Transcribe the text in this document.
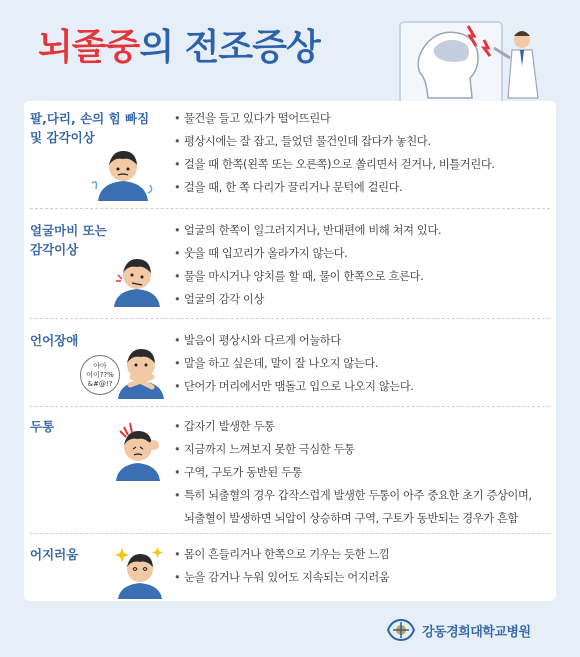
뇌졸중의 전조증상
팔,다리, 손의 힘 빠짐
및 감각이상
• 물건을 들고 있다가 떨어뜨린다
• 평상시에는 잘 잡고, 들었던 물건인데 잡다가 놓친다.
• 걸을 때 한쪽(왼쪽 또는 오른쪽)으로 쏠리면서 걷거나, 비틀거린다.
• 걸을 때, 한 쪽 다리가 끌리거나 문턱에 걸린다.
얼굴마비 또는
감각이상
• 얼굴의 한쪽이 일그러지거나, 반대편에 비해 쳐져 있다.
• 웃을 때 입꼬리가 올라가지 않는다.
• 물을 마시거나 양치를 할 때, 물이 한쪽으로 흐른다.
• 얼굴의 감각 이상
언어장애
아아
어이??%
&#@!?
• 발음이 평상시와 다르게 어눌하다
• 말을 하고 싶은데, 말이 잘 나오지 않는다.
• 단어가 머리에서만 맴돌고 입으로 나오지 않는다.
두통	• 갑자기 발생한 두통
• 지금까지 느껴보지 못한 극심한 두통
• 구역, 구토가 동반된 두통
• 특히 뇌출혈의 경우 갑작스럽게 발생한 두통이 아주 중요한 초기 증상이며,
뇌출혈이 발생하면 뇌압이 상승하며 구역, 구토가 동반되는 경우가 흔함
어지러움	• 몸이 흔들리거나 한쪽으로 기우는 듯한 느낌
• 눈을 감거나 누워 있어도 지속되는 어지러움
강동경희대학교병원
